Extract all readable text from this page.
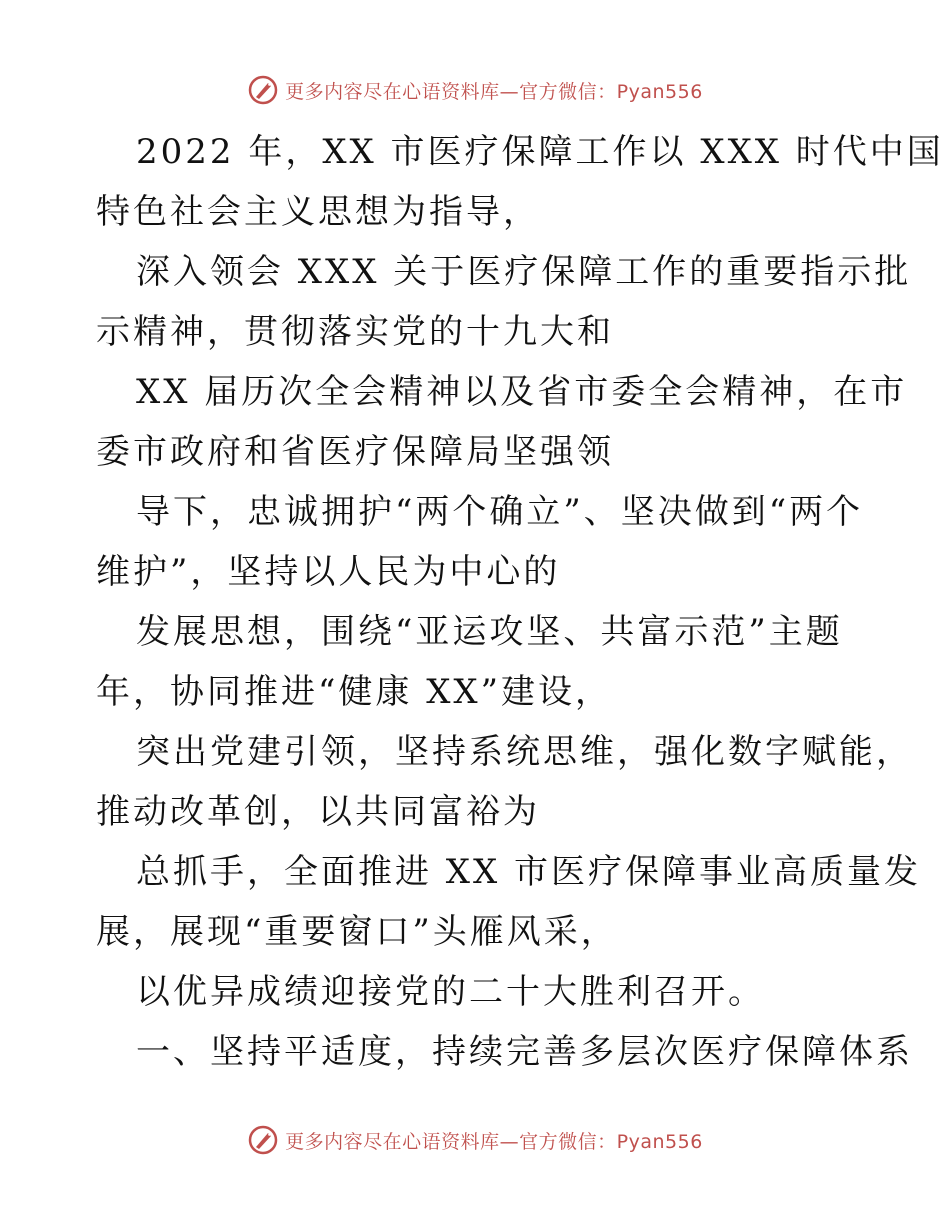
更多内容尽在心语资料库—官方微信：Pyan556
2022 年，XX 市医疗保障工作以 XXX 时代中国
特色社会主义思想为指导，
深入领会 XXX 关于医疗保障工作的重要指示批
示精神，贯彻落实党的十九大和
XX 届历次全会精神以及省市委全会精神，在市
委市政府和省医疗保障局坚强领
导下，忠诚拥护“两个确立”、坚决做到“两个
维护”，坚持以人民为中心的
发展思想，围绕“亚运攻坚、共富示范”主题
年，协同推进“健康 XX”建设，
突出党建引领，坚持系统思维，强化数字赋能，
推动改革创，以共同富裕为
总抓手，全面推进 XX 市医疗保障事业高质量发
展，展现“重要窗口”头雁风采，
以优异成绩迎接党的二十大胜利召开。
一、坚持平适度，持续完善多层次医疗保障体系
更多内容尽在心语资料库—官方微信：Pyan556
